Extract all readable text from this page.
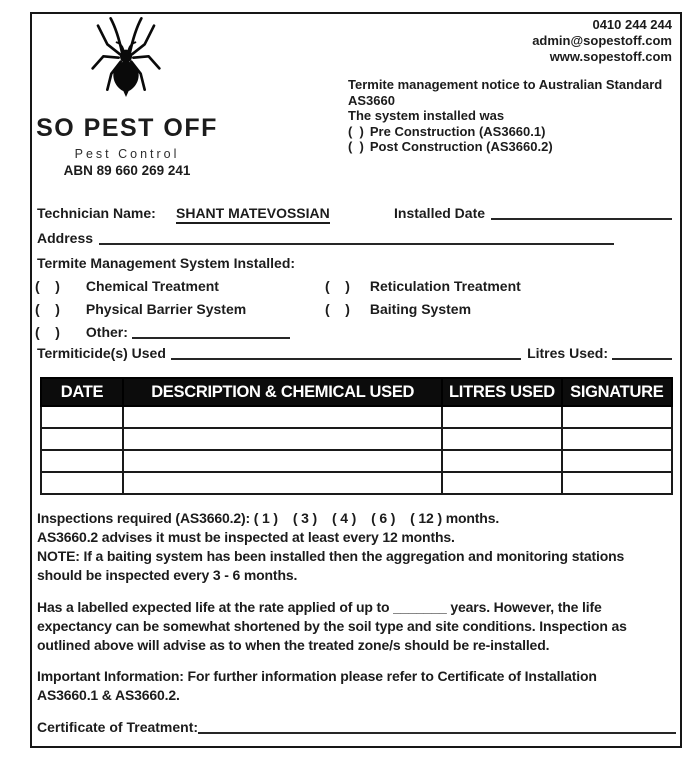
0410 244 244
admin@sopestoff.com
www.sopestoff.com
SO PEST OFF
Pest Control
ABN 89 660 269 241
Termite management notice to Australian Standard
AS3660
The system installed was
(  ) Pre Construction (AS3660.1)
(  ) Post Construction (AS3660.2)
Technician Name:	SHANT MATEVOSSIAN	Installed Date
Address
Termite Management System Installed:
(    ) Chemical Treatment	(    ) Reticulation Treatment
(    ) Physical Barrier System	(    ) Baiting System
(    ) Other:
Termiticide(s) Used	Litres Used:
DATE	DESCRIPTION & CHEMICAL USED	LITRES USED	SIGNATURE

Inspections required (AS3660.2): ( 1 )    ( 3 )    ( 4 )    ( 6 )    ( 12 ) months.
AS3660.2 advises it must be inspected at least every 12 months.
NOTE: If a baiting system has been installed then the aggregation and monitoring stations
should be inspected every 3 - 6 months.
Has a labelled expected life at the rate applied of up to _______ years. However, the life
expectancy can be somewhat shortened by the soil type and site conditions. Inspection as
outlined above will advise as to when the treated zone/s should be re-installed.
Important Information: For further information please refer to Certificate of Installation
AS3660.1 & AS3660.2.
Certificate of Treatment:
